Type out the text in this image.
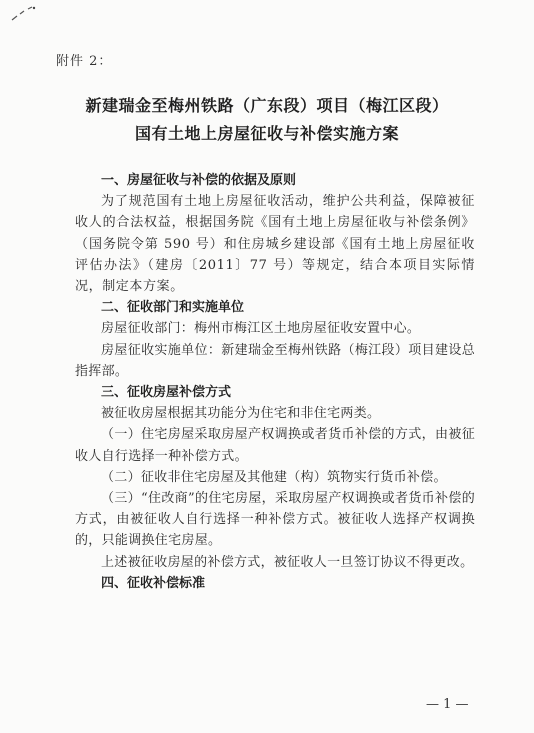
附件 2：
新建瑞金至梅州铁路（广东段）项目（梅江区段）
国有土地上房屋征收与补偿实施方案
一、房屋征收与补偿的依据及原则
为了规范国有土地上房屋征收活动，维护公共利益，保障被征收人的合法权益，根据国务院《国有土地上房屋征收与补偿条例》（国务院令第 590 号）和住房城乡建设部《国有土地上房屋征收评估办法》（建房〔2011〕77 号）等规定，结合本项目实际情况，制定本方案。
二、征收部门和实施单位
房屋征收部门：梅州市梅江区土地房屋征收安置中心。
房屋征收实施单位：新建瑞金至梅州铁路（梅江段）项目建设总指挥部。
三、征收房屋补偿方式
被征收房屋根据其功能分为住宅和非住宅两类。
（一）住宅房屋采取房屋产权调换或者货币补偿的方式，由被征收人自行选择一种补偿方式。
（二）征收非住宅房屋及其他建（构）筑物实行货币补偿。
（三）“住改商”的住宅房屋，采取房屋产权调换或者货币补偿的方式，由被征收人自行选择一种补偿方式。被征收人选择产权调换的，只能调换住宅房屋。
上述被征收房屋的补偿方式，被征收人一旦签订协议不得更改。
四、征收补偿标准
— 1 —
